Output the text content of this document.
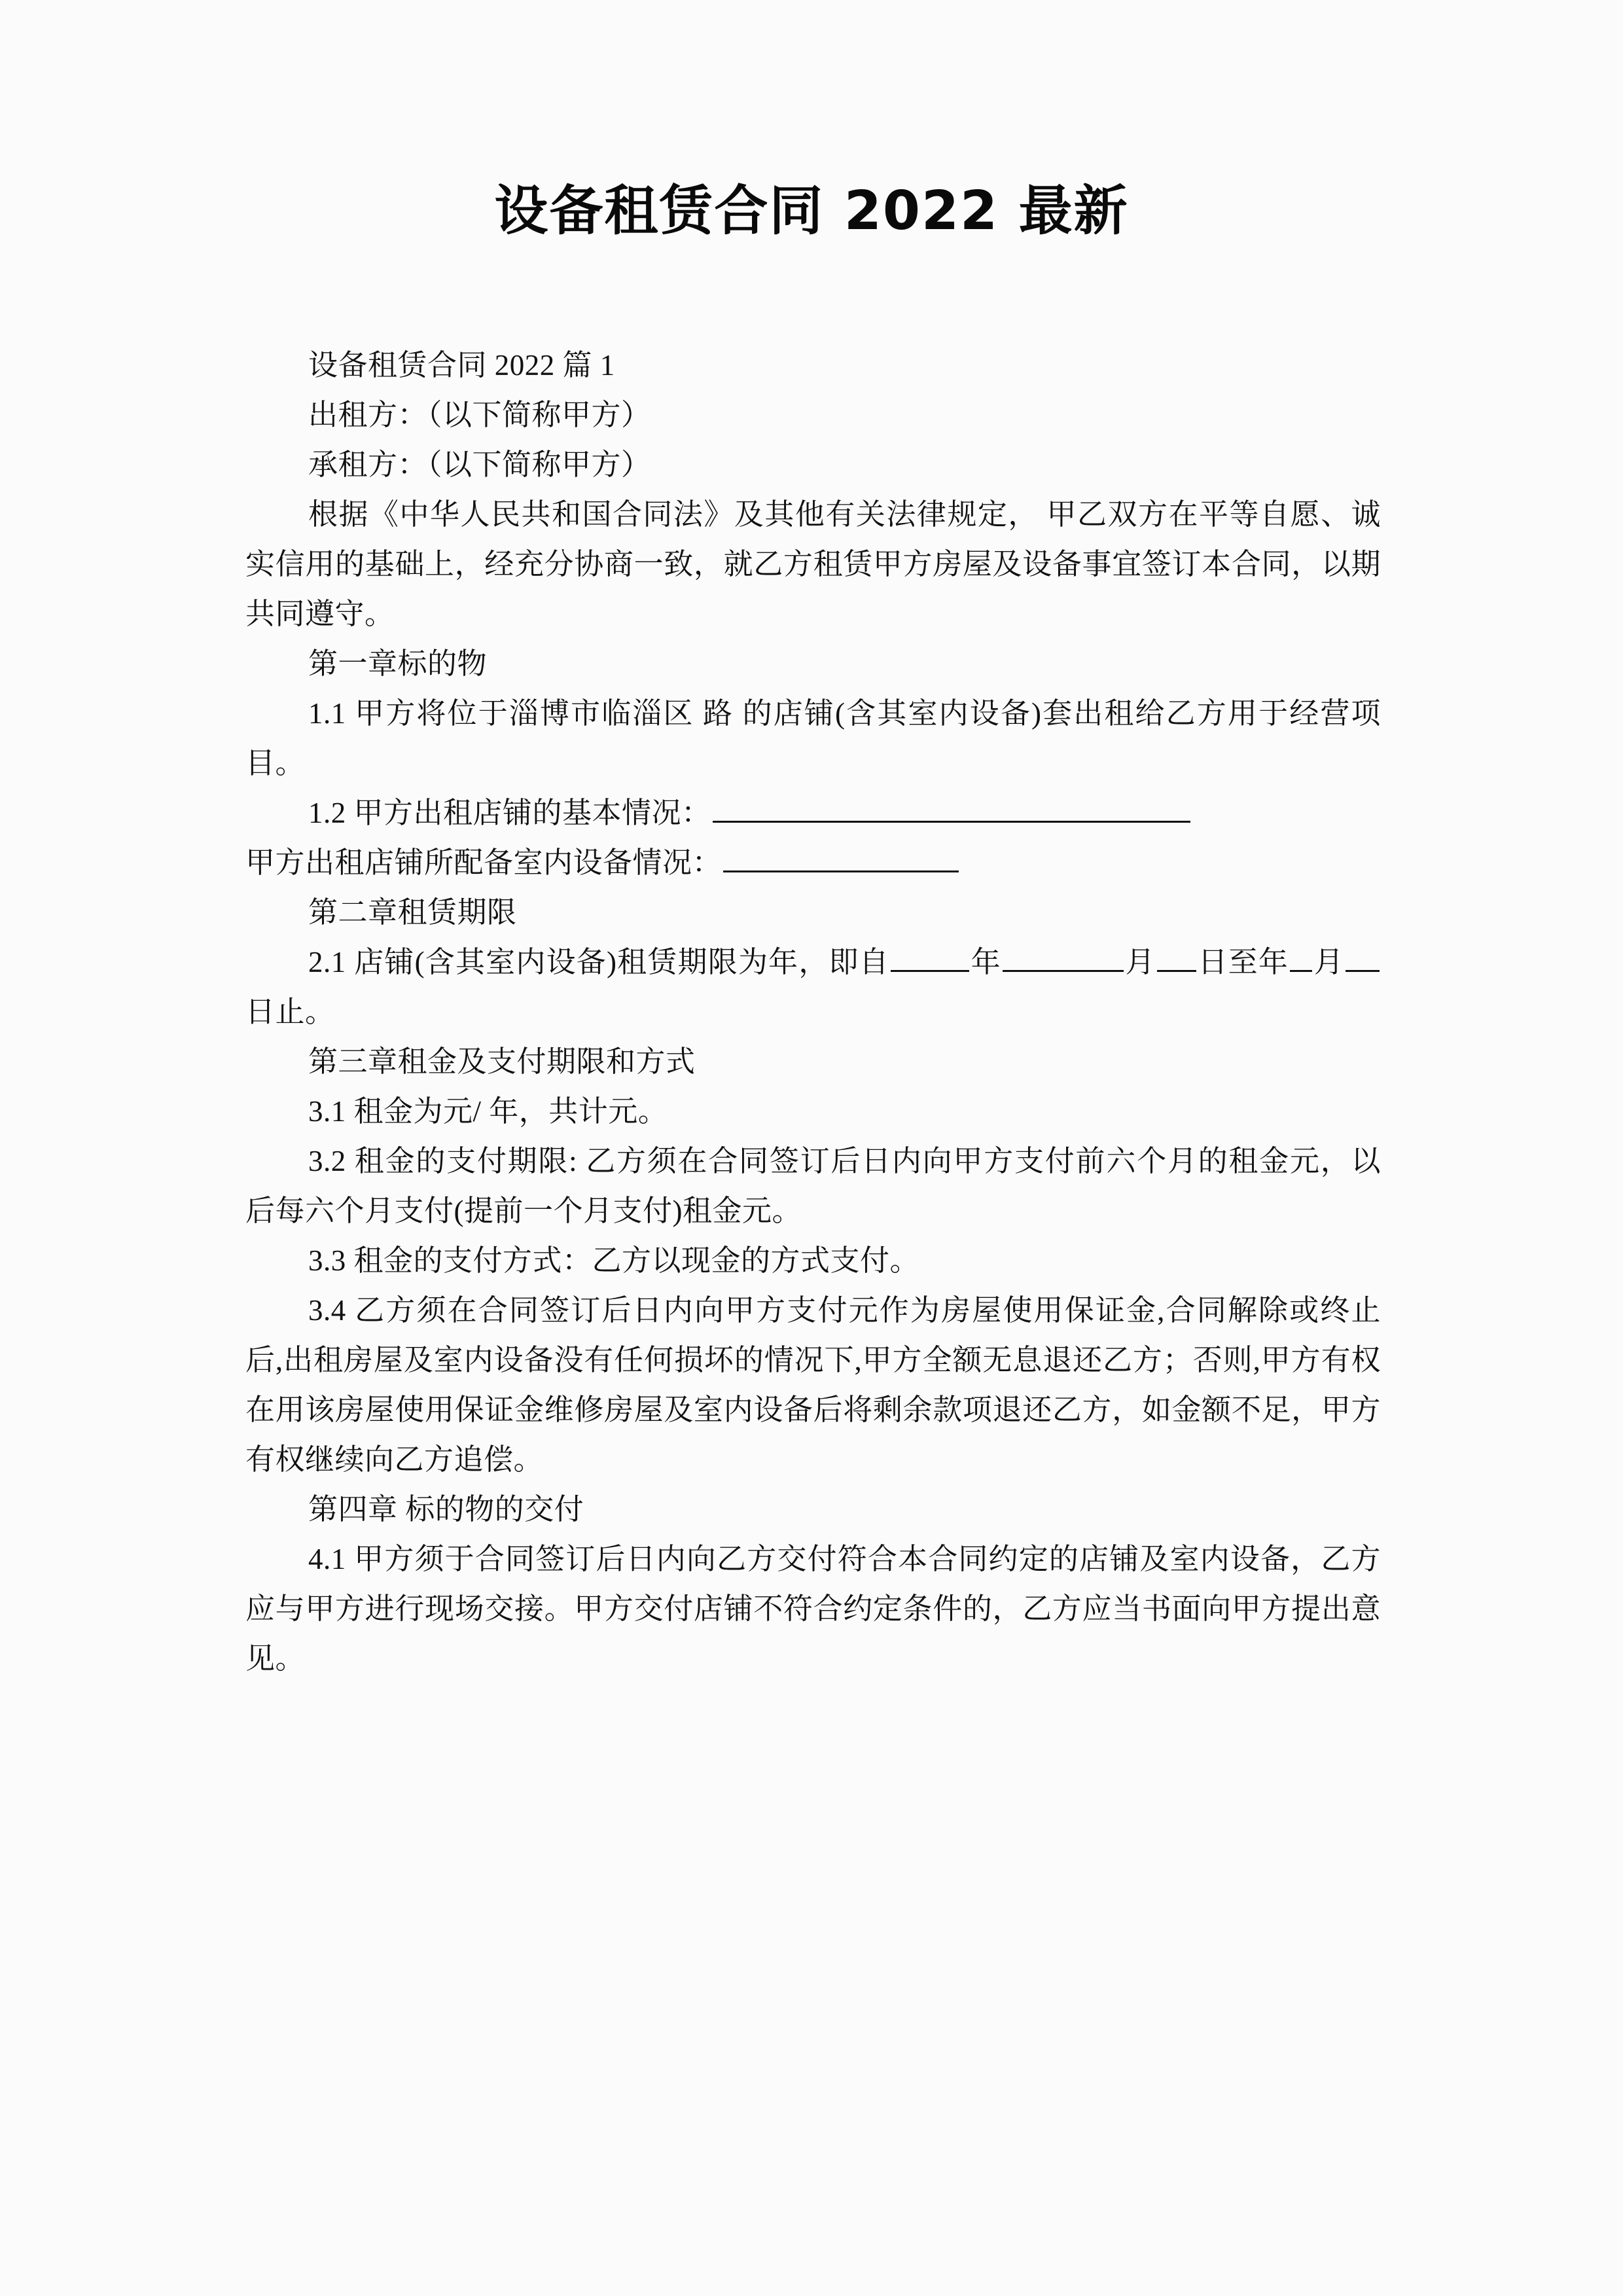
设备租赁合同 2022 最新

设备租赁合同 2022 篇 1

出租方：（以下简称甲方）

承租方：（以下简称甲方）

根据《中华人民共和国合同法》及其他有关法律规定， 甲乙双方在平等自愿、诚实信用的基础上，经充分协商一致，就乙方租赁甲方房屋及设备事宜签订本合同，以期共同遵守。

第一章标的物

1.1 甲方将位于淄博市临淄区 路 的店铺(含其室内设备)套出租给乙方用于经营项目。

1.2 甲方出租店铺的基本情况：

甲方出租店铺所配备室内设备情况：

第二章租赁期限

2.1 店铺(含其室内设备)租赁期限为年，即自	年	月 日至年 月日止。

第三章租金及支付期限和方式

3.1 租金为元/ 年，共计元。

3.2 租金的支付期限: 乙方须在合同签订后日内向甲方支付前六个月的租金元，以后每六个月支付(提前一个月支付)租金元。

3.3 租金的支付方式：乙方以现金的方式支付。

3.4 乙方须在合同签订后日内向甲方支付元作为房屋使用保证金,合同解除或终止后,出租房屋及室内设备没有任何损坏的情况下,甲方全额无息退还乙方；否则,甲方有权在用该房屋使用保证金维修房屋及室内设备后将剩余款项退还乙方，如金额不足，甲方有权继续向乙方追偿。

第四章 标的物的交付

4.1 甲方须于合同签订后日内向乙方交付符合本合同约定的店铺及室内设备，乙方应与甲方进行现场交接。甲方交付店铺不符合约定条件的，乙方应当书面向甲方提出意见。
